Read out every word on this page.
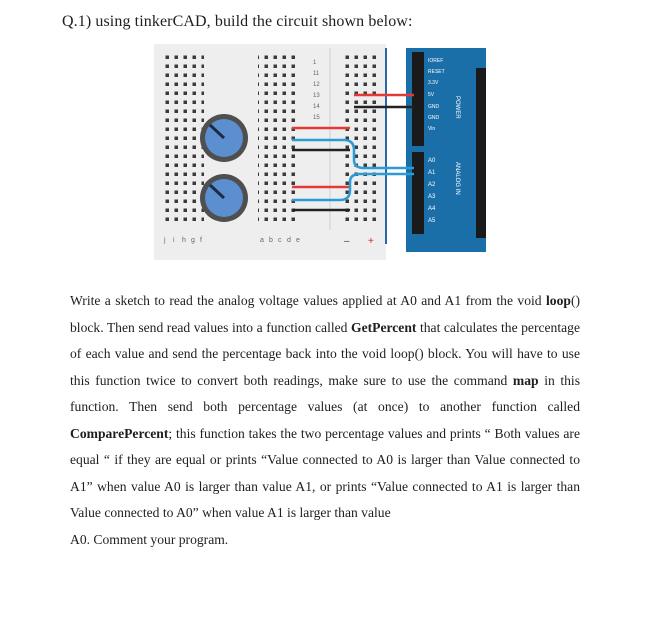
Q.1) using tinkerCAD, build the circuit shown below:
1
11
12
13
14
15
j i h g f	a b c d e	– +
IOREF
RESET
3.3V
5V
GND
GND
Vin
A0
A1
A2
A3
A4
A5
POWER
ANALOG IN

Write a sketch to read the analog voltage values applied at A0 and A1 from the void loop() block. Then send read values into a function called GetPercent that calculates the percentage of each value and send the percentage back into the void loop() block. You will have to use this function twice to convert both readings, make sure to use the command map in this function. Then send both percentage values (at once) to another function called ComparePercent; this function takes the two percentage values and prints “ Both values are equal “ if they are equal or prints “Value connected to A0 is larger than Value connected to A1” when value A0 is larger than value A1, or prints “Value connected to A1 is larger than Value connected to A0” when value A1 is larger than value
A0. Comment your program.
